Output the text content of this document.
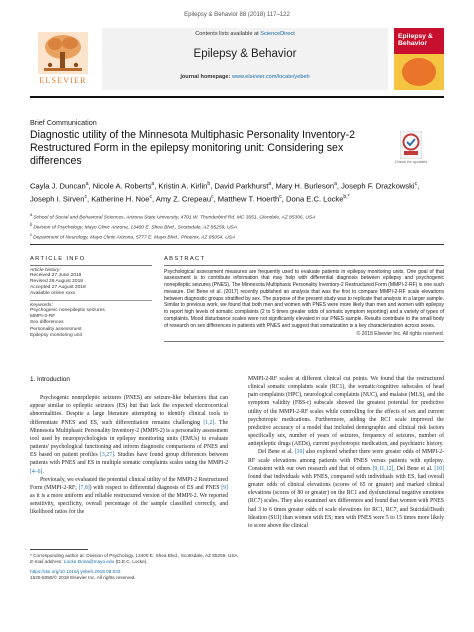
Epilepsy & Behavior 88 (2018) 117–122
ELSEVIER
Contents lists available at ScienceDirect
Epilepsy & Behavior
journal homepage: www.elsevier.com/locate/yebeh
Epilepsy & Behavior
Brief Communication
Diagnostic utility of the Minnesota Multiphasic Personality Inventory-2 Restructured Form in the epilepsy monitoring unit: Considering sex differences	Check for updates
Cayla J. Duncan$^a$, Nicole A. Roberts$^a$, Kristin A. Kirlin$^b$, David Parkhurst$^a$, Mary H. Burleson$^a$, Joseph F. Drazkowski$^c$, Joseph I. Sirven$^c$, Katherine H. Noe$^c$, Amy Z. Crepeau$^c$, Matthew T. Hoerth$^c$, Dona E.C. Locke$^{b,*}$
aSchool of Social and Behavioral Sciences, Arizona State University, 4701 W. Thunderbird Rd. MC 3051, Glendale, AZ 85306, USA
bDivision of Psychology, Mayo Clinic Arizona, 13400 E. Shea Blvd., Scottsdale, AZ 85259, USA
cDepartment of Neurology, Mayo Clinic Arizona, 5777 E. Mayo Blvd., Phoenix, AZ 85054, USA
ARTICLE INFO
Article history:
Received 27 June 2018
Revised 26 August 2018
Accepted 27 August 2018
Available online xxxx
Keywords:
Psychogenic nonepileptic seizures
MMPI-2-RF
Sex differences
Personality assessment
Epilepsy monitoring unit
ABSTRACT
Psychological assessment measures are frequently used to evaluate patients in epilepsy monitoring units. One goal of that assessment is to contribute information that may help with differential diagnosis between epilepsy and psychogenic nonepileptic seizures (PNES). The Minnesota Multiphasic Personality Inventory-2 Restructured Form (MMPI-2-RF) is one such measure. Del Bene et al. (2017) recently published an analysis that was the first to compare MMPI-2-RF scale elevations between diagnostic groups stratified by sex. The purpose of the present study was to replicate that analysis in a larger sample. Similar to previous work, we found that both men and women with PNES were more likely than men and women with epilepsy to report high levels of somatic complaints (2 to 5 times greater odds of somatic symptom reporting) and a variety of types of complaints. Mood disturbance scales were not significantly elevated in our PNES sample. Results contribute to the small body of research on sex differences in patients with PNES and suggest that somatization is a key characterization across sexes.
© 2018 Elsevier Inc. All rights reserved.
1. Introduction

Psychogenic nonepileptic seizures (PNES) are seizure-like behaviors that can appear similar to epileptic seizures (ES) but that lack the expected electrocortical abnormalities. Despite a large literature attempting to identify clinical tools to differentiate PNES and ES, such differentiation remains challenging [1,2]. The Minnesota Multiphasic Personality Inventory-2 (MMPI-2) is a personality assessment tool used by neuropsychologists in epilepsy monitoring units (EMUs) to evaluate patients' psychological functioning and inform diagnostic comparisons of PNES and ES based on patient profiles [3,27]. Studies have found group differences between patients with PNES and ES in multiple somatic complaints scales using the MMPI-2 [4–6].

Previously, we evaluated the potential clinical utility of the MMPI-2 Restructured Form (MMPI-2-RF; [7,8]) with respect to differential diagnosis of ES and PNES [9] as it is a more uniform and reliable restructured version of the MMPI-2. We reported sensitivity, specificity, overall percentage of the sample classified correctly, and likelihood ratios for the

MMPI-2-RF scales at different clinical cut points. We found that the restructured clinical somatic complaints scale (RC1), the somatic/cognitive subscales of head pain complaints (HPC), neurological complaints (NUC), and malaise (MLS), and the symptom validity (FBS-r) subscale showed the greatest potential for predictive utility of the MMPI-2-RF scales while controlling for the effects of sex and current psychotropic medications. Furthermore, adding the RC1 scale improved the predictive accuracy of a model that included demographic and clinical risk factors specifically sex, number of years of seizures, frequency of seizures, number of antiepileptic drugs (AEDs), current psychotropic medication, and psychiatric history.

Del Bene et al. [10] also explored whether there were greater odds of MMPI-2-RF scale elevations among patients with PNES versus patients with epilepsy. Consistent with our own research and that of others [9,11,12], Del Bene et al. [10] found that individuals with PNES, compared with individuals with ES, had overall greater odds of clinical elevations (scores of 65 or greater) and marked clinical elevations (scores of 80 or greater) on the RC1 and dysfunctional negative emotions (RC7) scales. They also examined sex differences and found that women with PNES had 3 to 6 times greater odds of scale elevations for RC1, RC7, and Suicidal/Death Ideation (SUI) than women with ES; men with PNES were 5 to 15 times more likely to score above the clinical

* Corresponding author at: Division of Psychology, 13400 E. Shea Blvd., Scottsdale, AZ 85259, USA.
E-mail address: Locke.Dona@mayo.edu (D.E.C. Locke).
https://doi.org/10.1016/j.yebeh.2018.08.033
1525-5050/© 2018 Elsevier Inc. All rights reserved.
